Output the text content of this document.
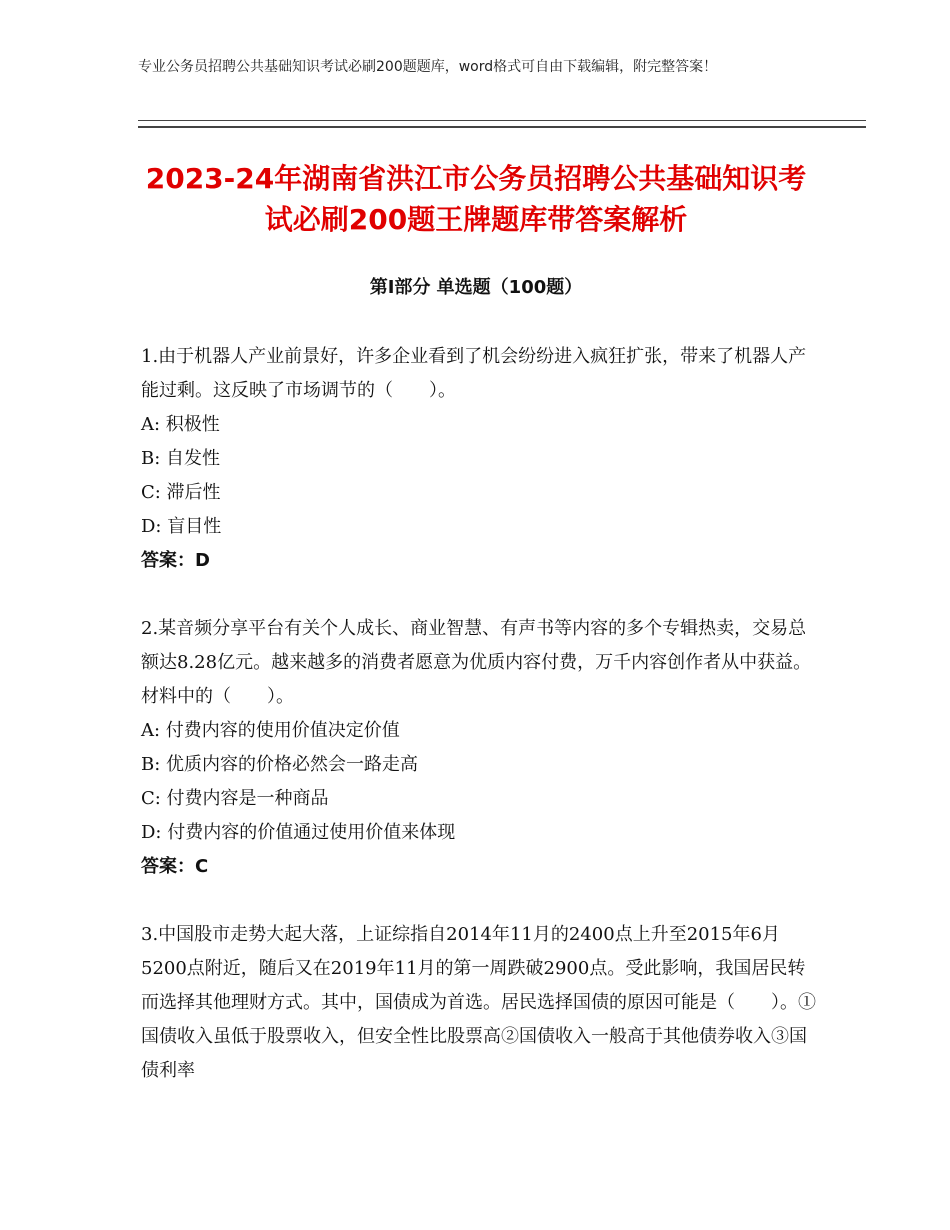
专业公务员招聘公共基础知识考试必刷200题题库，word格式可自由下载编辑，附完整答案！
2023-24年湖南省洪江市公务员招聘公共基础知识考试必刷200题王牌题库带答案解析
第Ⅰ部分 单选题（100题）

1.由于机器人产业前景好，许多企业看到了机会纷纷进入疯狂扩张，带来了机器人产能过剩。这反映了市场调节的（　　）。

A: 积极性

B: 自发性

C: 滞后性

D: 盲目性

答案：D

2.某音频分享平台有关个人成长、商业智慧、有声书等内容的多个专辑热卖，交易总额达8.28亿元。越来越多的消费者愿意为优质内容付费，万千内容创作者从中获益。材料中的（　　）。

A: 付费内容的使用价值决定价值

B: 优质内容的价格必然会一路走高

C: 付费内容是一种商品

D: 付费内容的价值通过使用价值来体现

答案：C

3.中国股市走势大起大落，上证综指自2014年11月的2400点上升至2015年6月5200点附近，随后又在2019年11月的第一周跌破2900点。受此影响，我国居民转而选择其他理财方式。其中，国债成为首选。居民选择国债的原因可能是（　　）。①国债收入虽低于股票收入，但安全性比股票高②国债收入一般高于其他债券收入③国债利率
